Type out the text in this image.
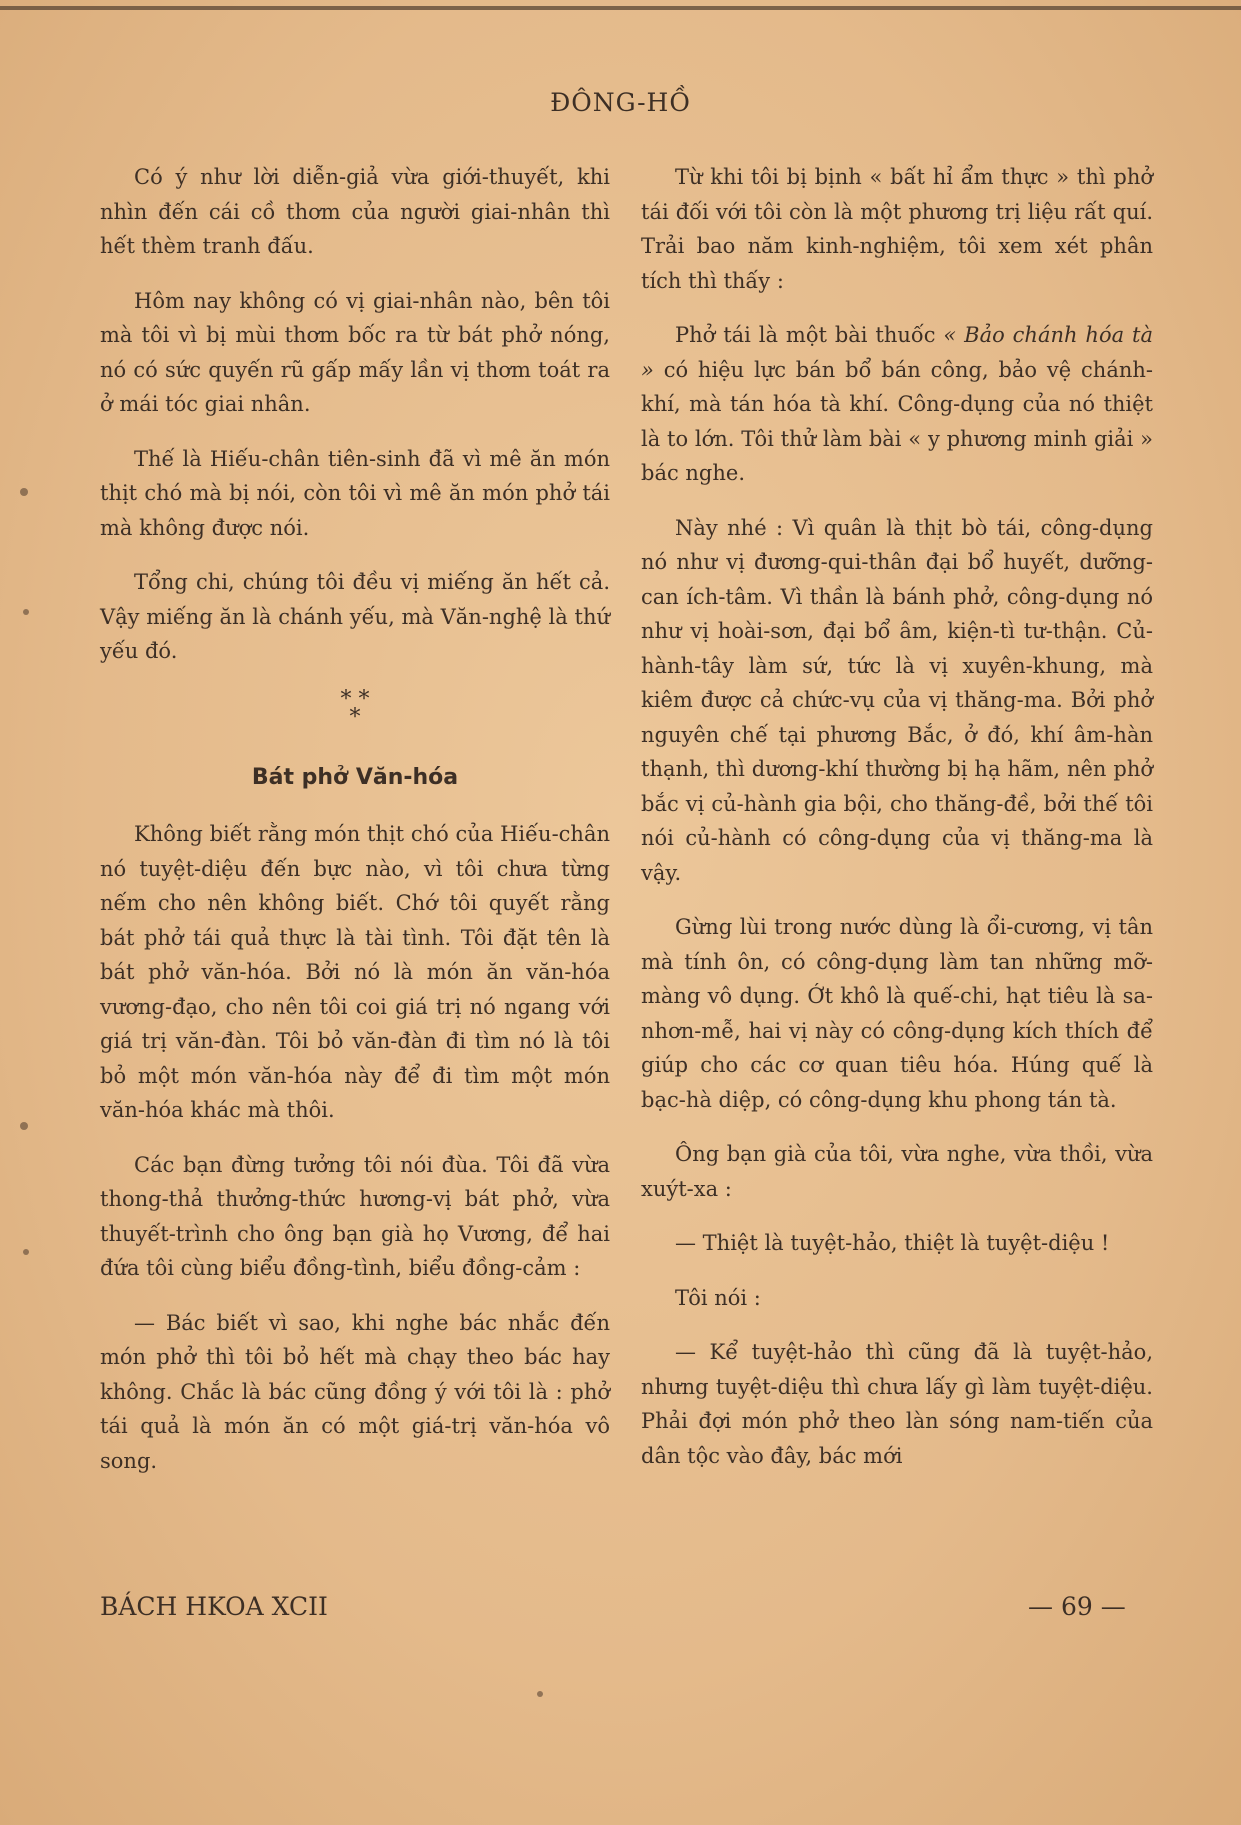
ĐÔNG-HỒ

Có ý như lời diễn-giả vừa giới-thuyết, khi nhìn đến cái cồ thơm của người giai-nhân thì hết thèm tranh đấu.

Hôm nay không có vị giai-nhân nào, bên tôi mà tôi vì bị mùi thơm bốc ra từ bát phở nóng, nó có sức quyến rũ gấp mấy lần vị thơm toát ra ở mái tóc giai nhân.

Thế là Hiếu-chân tiên-sinh đã vì mê ăn món thịt chó mà bị nói, còn tôi vì mê ăn món phở tái mà không được nói.

Tổng chi, chúng tôi đều vị miếng ăn hết cả. Vậy miếng ăn là chánh yếu, mà Văn-nghệ là thứ yếu đó.

* *
*
Bát phở Văn-hóa

Không biết rằng món thịt chó của Hiếu-chân nó tuyệt-diệu đến bực nào, vì tôi chưa từng nếm cho nên không biết. Chớ tôi quyết rằng bát phở tái quả thực là tài tình. Tôi đặt tên là bát phở văn-hóa. Bởi nó là món ăn văn-hóa vương-đạo, cho nên tôi coi giá trị nó ngang với giá trị văn-đàn. Tôi bỏ văn-đàn đi tìm nó là tôi bỏ một món văn-hóa này để đi tìm một món văn-hóa khác mà thôi.

Các bạn đừng tưởng tôi nói đùa. Tôi đã vừa thong-thả thưởng-thức hương-vị bát phở, vừa thuyết-trình cho ông bạn già họ Vương, để hai đứa tôi cùng biểu đồng-tình, biểu đồng-cảm :

— Bác biết vì sao, khi nghe bác nhắc đến món phở thì tôi bỏ hết mà chạy theo bác hay không. Chắc là bác cũng đồng ý với tôi là : phở tái quả là món ăn có một giá-trị văn-hóa vô song.

Từ khi tôi bị bịnh « bất hỉ ẩm thực » thì phở tái đối với tôi còn là một phương trị liệu rất quí. Trải bao năm kinh-nghiệm, tôi xem xét phân tích thì thấy :

Phở tái là một bài thuốc « Bảo chánh hóa tà » có hiệu lực bán bổ bán công, bảo vệ chánh-khí, mà tán hóa tà khí. Công-dụng của nó thiệt là to lớn. Tôi thử làm bài « y phương minh giải » bác nghe.

Này nhé : Vì quân là thịt bò tái, công-dụng nó như vị đương-qui-thân đại bổ huyết, dưỡng-can ích-tâm. Vì thần là bánh phở, công-dụng nó như vị hoài-sơn, đại bổ âm, kiện-tì tư-thận. Củ-hành-tây làm sứ, tức là vị xuyên-khung, mà kiêm được cả chức-vụ của vị thăng-ma. Bởi phở nguyên chế tại phương Bắc, ở đó, khí âm-hàn thạnh, thì dương-khí thường bị hạ hãm, nên phở bắc vị củ-hành gia bội, cho thăng-đề, bởi thế tôi nói củ-hành có công-dụng của vị thăng-ma là vậy.

Gừng lùi trong nước dùng là ổi-cương, vị tân mà tính ôn, có công-dụng làm tan những mỡ-màng vô dụng. Ớt khô là quế-chi, hạt tiêu là sa-nhơn-mễ, hai vị này có công-dụng kích thích để giúp cho các cơ quan tiêu hóa. Húng quế là bạc-hà diệp, có công-dụng khu phong tán tà.

Ông bạn già của tôi, vừa nghe, vừa thồi, vừa xuýt-xa :

— Thiệt là tuyệt-hảo, thiệt là tuyệt-diệu !

Tôi nói :

— Kể tuyệt-hảo thì cũng đã là tuyệt-hảo, nhưng tuyệt-diệu thì chưa lấy gì làm tuyệt-diệu. Phải đợi món phở theo làn sóng nam-tiến của dân tộc vào đây, bác mới

BÁCH HKOA XCII	— 69 —
